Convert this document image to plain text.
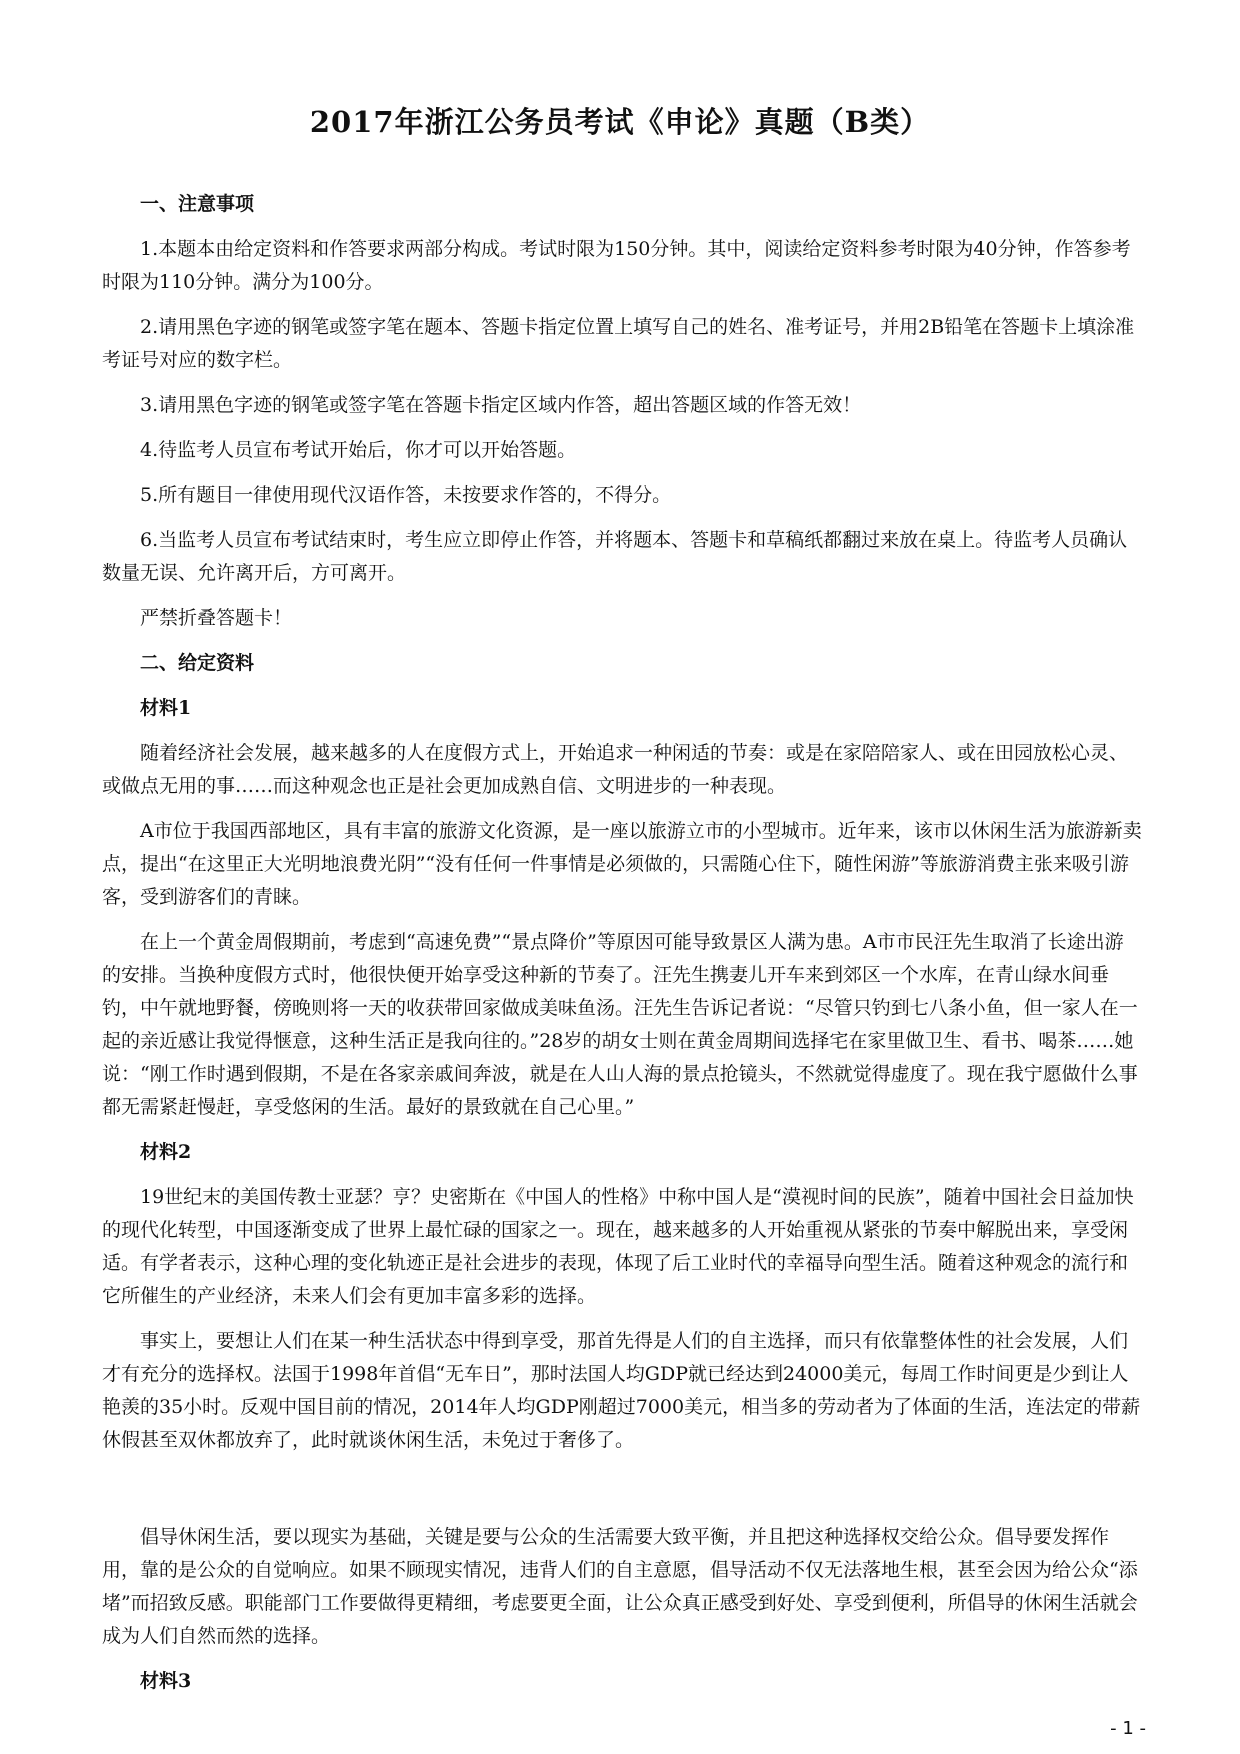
2017年浙江公务员考试《申论》真题（B类）

一、注意事项

1.本题本由给定资料和作答要求两部分构成。考试时限为150分钟。其中，阅读给定资料参考时限为40分钟，作答参考时限为110分钟。满分为100分。

2.请用黑色字迹的钢笔或签字笔在题本、答题卡指定位置上填写自己的姓名、准考证号，并用2B铅笔在答题卡上填涂准考证号对应的数字栏。

3.请用黑色字迹的钢笔或签字笔在答题卡指定区域内作答，超出答题区域的作答无效！

4.待监考人员宣布考试开始后，你才可以开始答题。

5.所有题目一律使用现代汉语作答，未按要求作答的，不得分。

6.当监考人员宣布考试结束时，考生应立即停止作答，并将题本、答题卡和草稿纸都翻过来放在桌上。待监考人员确认数量无误、允许离开后，方可离开。

严禁折叠答题卡！

二、给定资料

材料1

随着经济社会发展，越来越多的人在度假方式上，开始追求一种闲适的节奏：或是在家陪陪家人、或在田园放松心灵、或做点无用的事……而这种观念也正是社会更加成熟自信、文明进步的一种表现。

A市位于我国西部地区，具有丰富的旅游文化资源，是一座以旅游立市的小型城市。近年来，该市以休闲生活为旅游新卖点，提出“在这里正大光明地浪费光阴”“没有任何一件事情是必须做的，只需随心住下，随性闲游”等旅游消费主张来吸引游客，受到游客们的青睐。

在上一个黄金周假期前，考虑到“高速免费”“景点降价”等原因可能导致景区人满为患。A市市民汪先生取消了长途出游的安排。当换种度假方式时，他很快便开始享受这种新的节奏了。汪先生携妻儿开车来到郊区一个水库，在青山绿水间垂钓，中午就地野餐，傍晚则将一天的收获带回家做成美味鱼汤。汪先生告诉记者说：“尽管只钓到七八条小鱼，但一家人在一起的亲近感让我觉得惬意，这种生活正是我向往的。”28岁的胡女士则在黄金周期间选择宅在家里做卫生、看书、喝茶……她说：“刚工作时遇到假期，不是在各家亲戚间奔波，就是在人山人海的景点抢镜头，不然就觉得虚度了。现在我宁愿做什么事都无需紧赶慢赶，享受悠闲的生活。最好的景致就在自己心里。”

材料2

19世纪末的美国传教士亚瑟？亨？史密斯在《中国人的性格》中称中国人是“漠视时间的民族”，随着中国社会日益加快的现代化转型，中国逐渐变成了世界上最忙碌的国家之一。现在，越来越多的人开始重视从紧张的节奏中解脱出来，享受闲适。有学者表示，这种心理的变化轨迹正是社会进步的表现，体现了后工业时代的幸福导向型生活。随着这种观念的流行和它所催生的产业经济，未来人们会有更加丰富多彩的选择。

事实上，要想让人们在某一种生活状态中得到享受，那首先得是人们的自主选择，而只有依靠整体性的社会发展，人们才有充分的选择权。法国于1998年首倡“无车日”，那时法国人均GDP就已经达到24000美元，每周工作时间更是少到让人艳羡的35小时。反观中国目前的情况，2014年人均GDP刚超过7000美元，相当多的劳动者为了体面的生活，连法定的带薪休假甚至双休都放弃了，此时就谈休闲生活，未免过于奢侈了。

倡导休闲生活，要以现实为基础，关键是要与公众的生活需要大致平衡，并且把这种选择权交给公众。倡导要发挥作用，靠的是公众的自觉响应。如果不顾现实情况，违背人们的自主意愿，倡导活动不仅无法落地生根，甚至会因为给公众“添堵”而招致反感。职能部门工作要做得更精细，考虑要更全面，让公众真正感受到好处、享受到便利，所倡导的休闲生活就会成为人们自然而然的选择。

材料3

- 1 -
